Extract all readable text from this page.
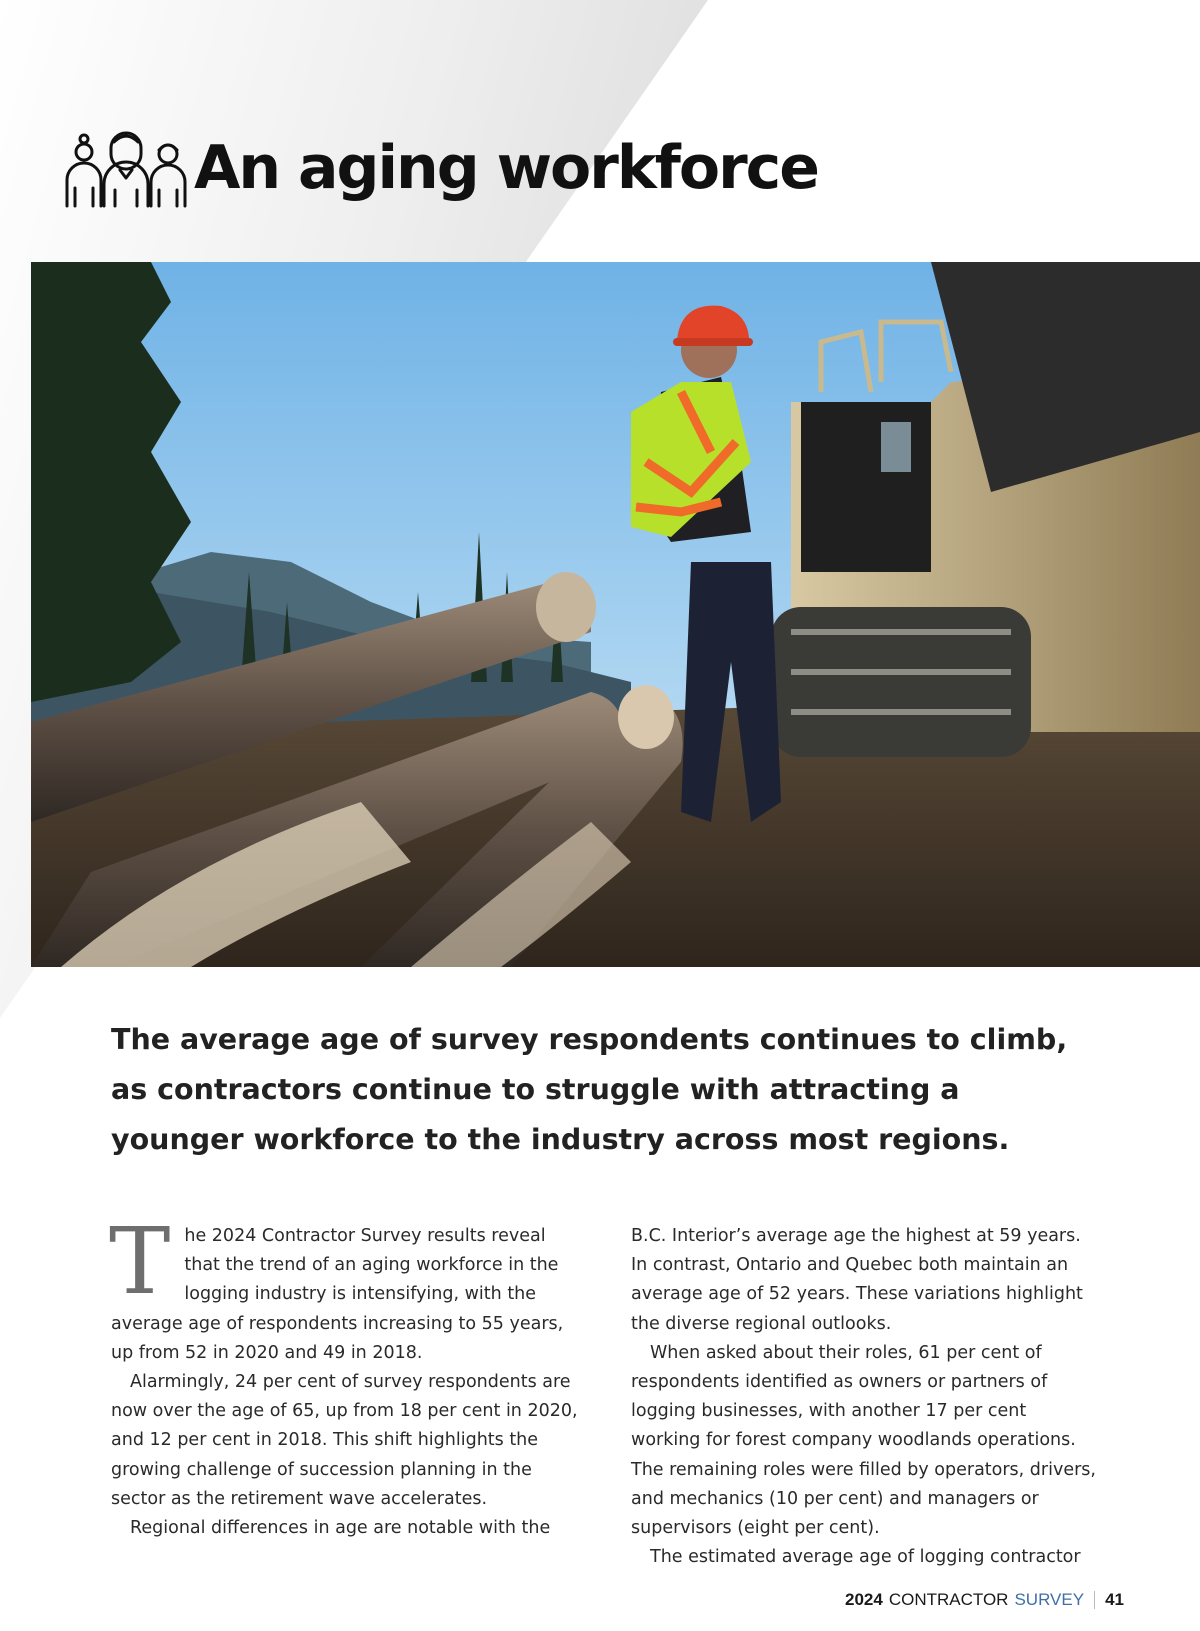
An aging workforce

The average age of survey respondents continues to climb, as contractors continue to struggle with attracting a younger workforce to the industry across most regions.

The 2024 Contractor Survey results reveal that the trend of an aging workforce in the logging industry is intensifying, with the average age of respondents increasing to 55 years, up from 52 in 2020 and 49 in 2018.

Alarmingly, 24 per cent of survey respondents are now over the age of 65, up from 18 per cent in 2020, and 12 per cent in 2018. This shift highlights the growing challenge of succession planning in the sector as the retirement wave accelerates.

Regional differences in age are notable with the

B.C. Interior’s average age the highest at 59 years. In contrast, Ontario and Quebec both maintain an average age of 52 years. These variations highlight the diverse regional outlooks.

When asked about their roles, 61 per cent of respondents identified as owners or partners of logging businesses, with another 17 per cent working for forest company woodlands operations. The remaining roles were filled by operators, drivers, and mechanics (10 per cent) and managers or supervisors (eight per cent).

The estimated average age of logging contractor

2024 CONTRACTOR SURVEY 41
